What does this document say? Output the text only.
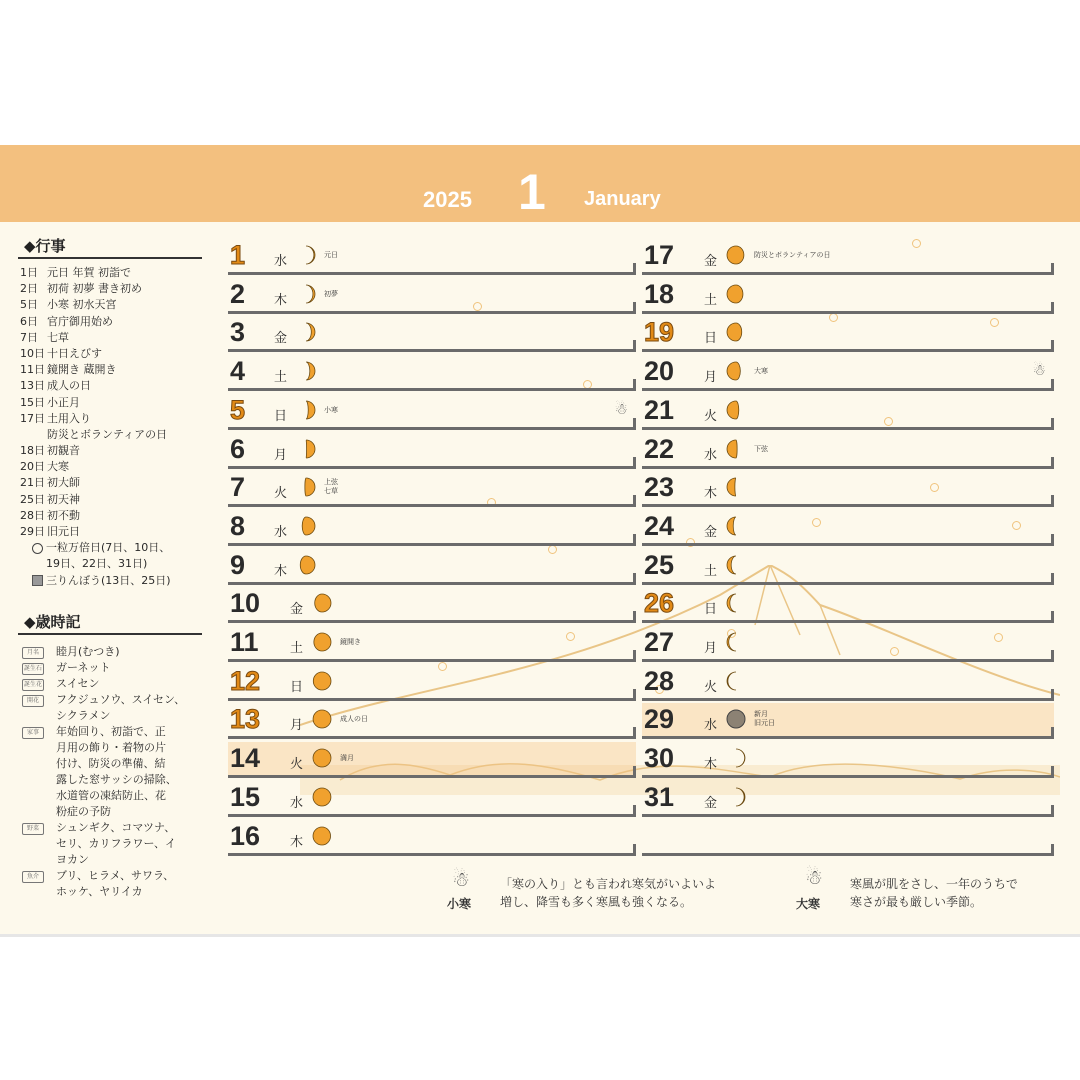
2025 1 January
◆行事
1日 元日 年賀 初詣で
2日 初荷 初夢 書き初め
5日 小寒 初水天宮
6日 官庁御用始め
7日 七草
10日 十日えびす
11日 鏡開き 蔵開き
13日 成人の日
15日 小正月
17日 土用入り
防災とボランティアの日
18日 初観音
20日 大寒
21日 初大師
25日 初天神
28日 初不動
29日 旧元日
一粒万倍日(7日、10日、
19日、22日、31日)
三りんぼう(13日、25日)
◆歳時記
月名	睦月(むつき)
誕生石 ガーネット
誕生花 スイセン
開花	フクジュソウ、スイセン、
シクラメン
家事	年始回り、初詣で、正
月用の飾り・着物の片
付け、防災の準備、結
露した窓サッシの掃除、
水道管の凍結防止、花
粉症の予防
野菜	シュンギク、コマツナ、
セリ、カリフラワー、イ
ヨカン
魚介	ブリ、ヒラメ、サワラ、
ホッケ、ヤリイカ
1 水	元日
2 木	初夢
3 金
4 土
5 日	小寒	☃
6 月
7 火
上弦
七草
8 水
9 木
10 金
11 土	鏡開き
12 日
13 月	成人の日
14 火	満月
15 水
16 木
17 金	防災とボランティアの日
18 土
19 日
20 月	大寒	☃
21 火
22 水	下弦
23 木
24 金
25 土
26 日
27 月
28 火
29 水
新月
旧元日
30 木
31 金
☃
小寒
「寒の入り」とも言われ寒気がいよいよ
増し、降雪も多く寒風も強くなる。
☃
大寒
寒風が肌をさし、一年のうちで
寒さが最も厳しい季節。
